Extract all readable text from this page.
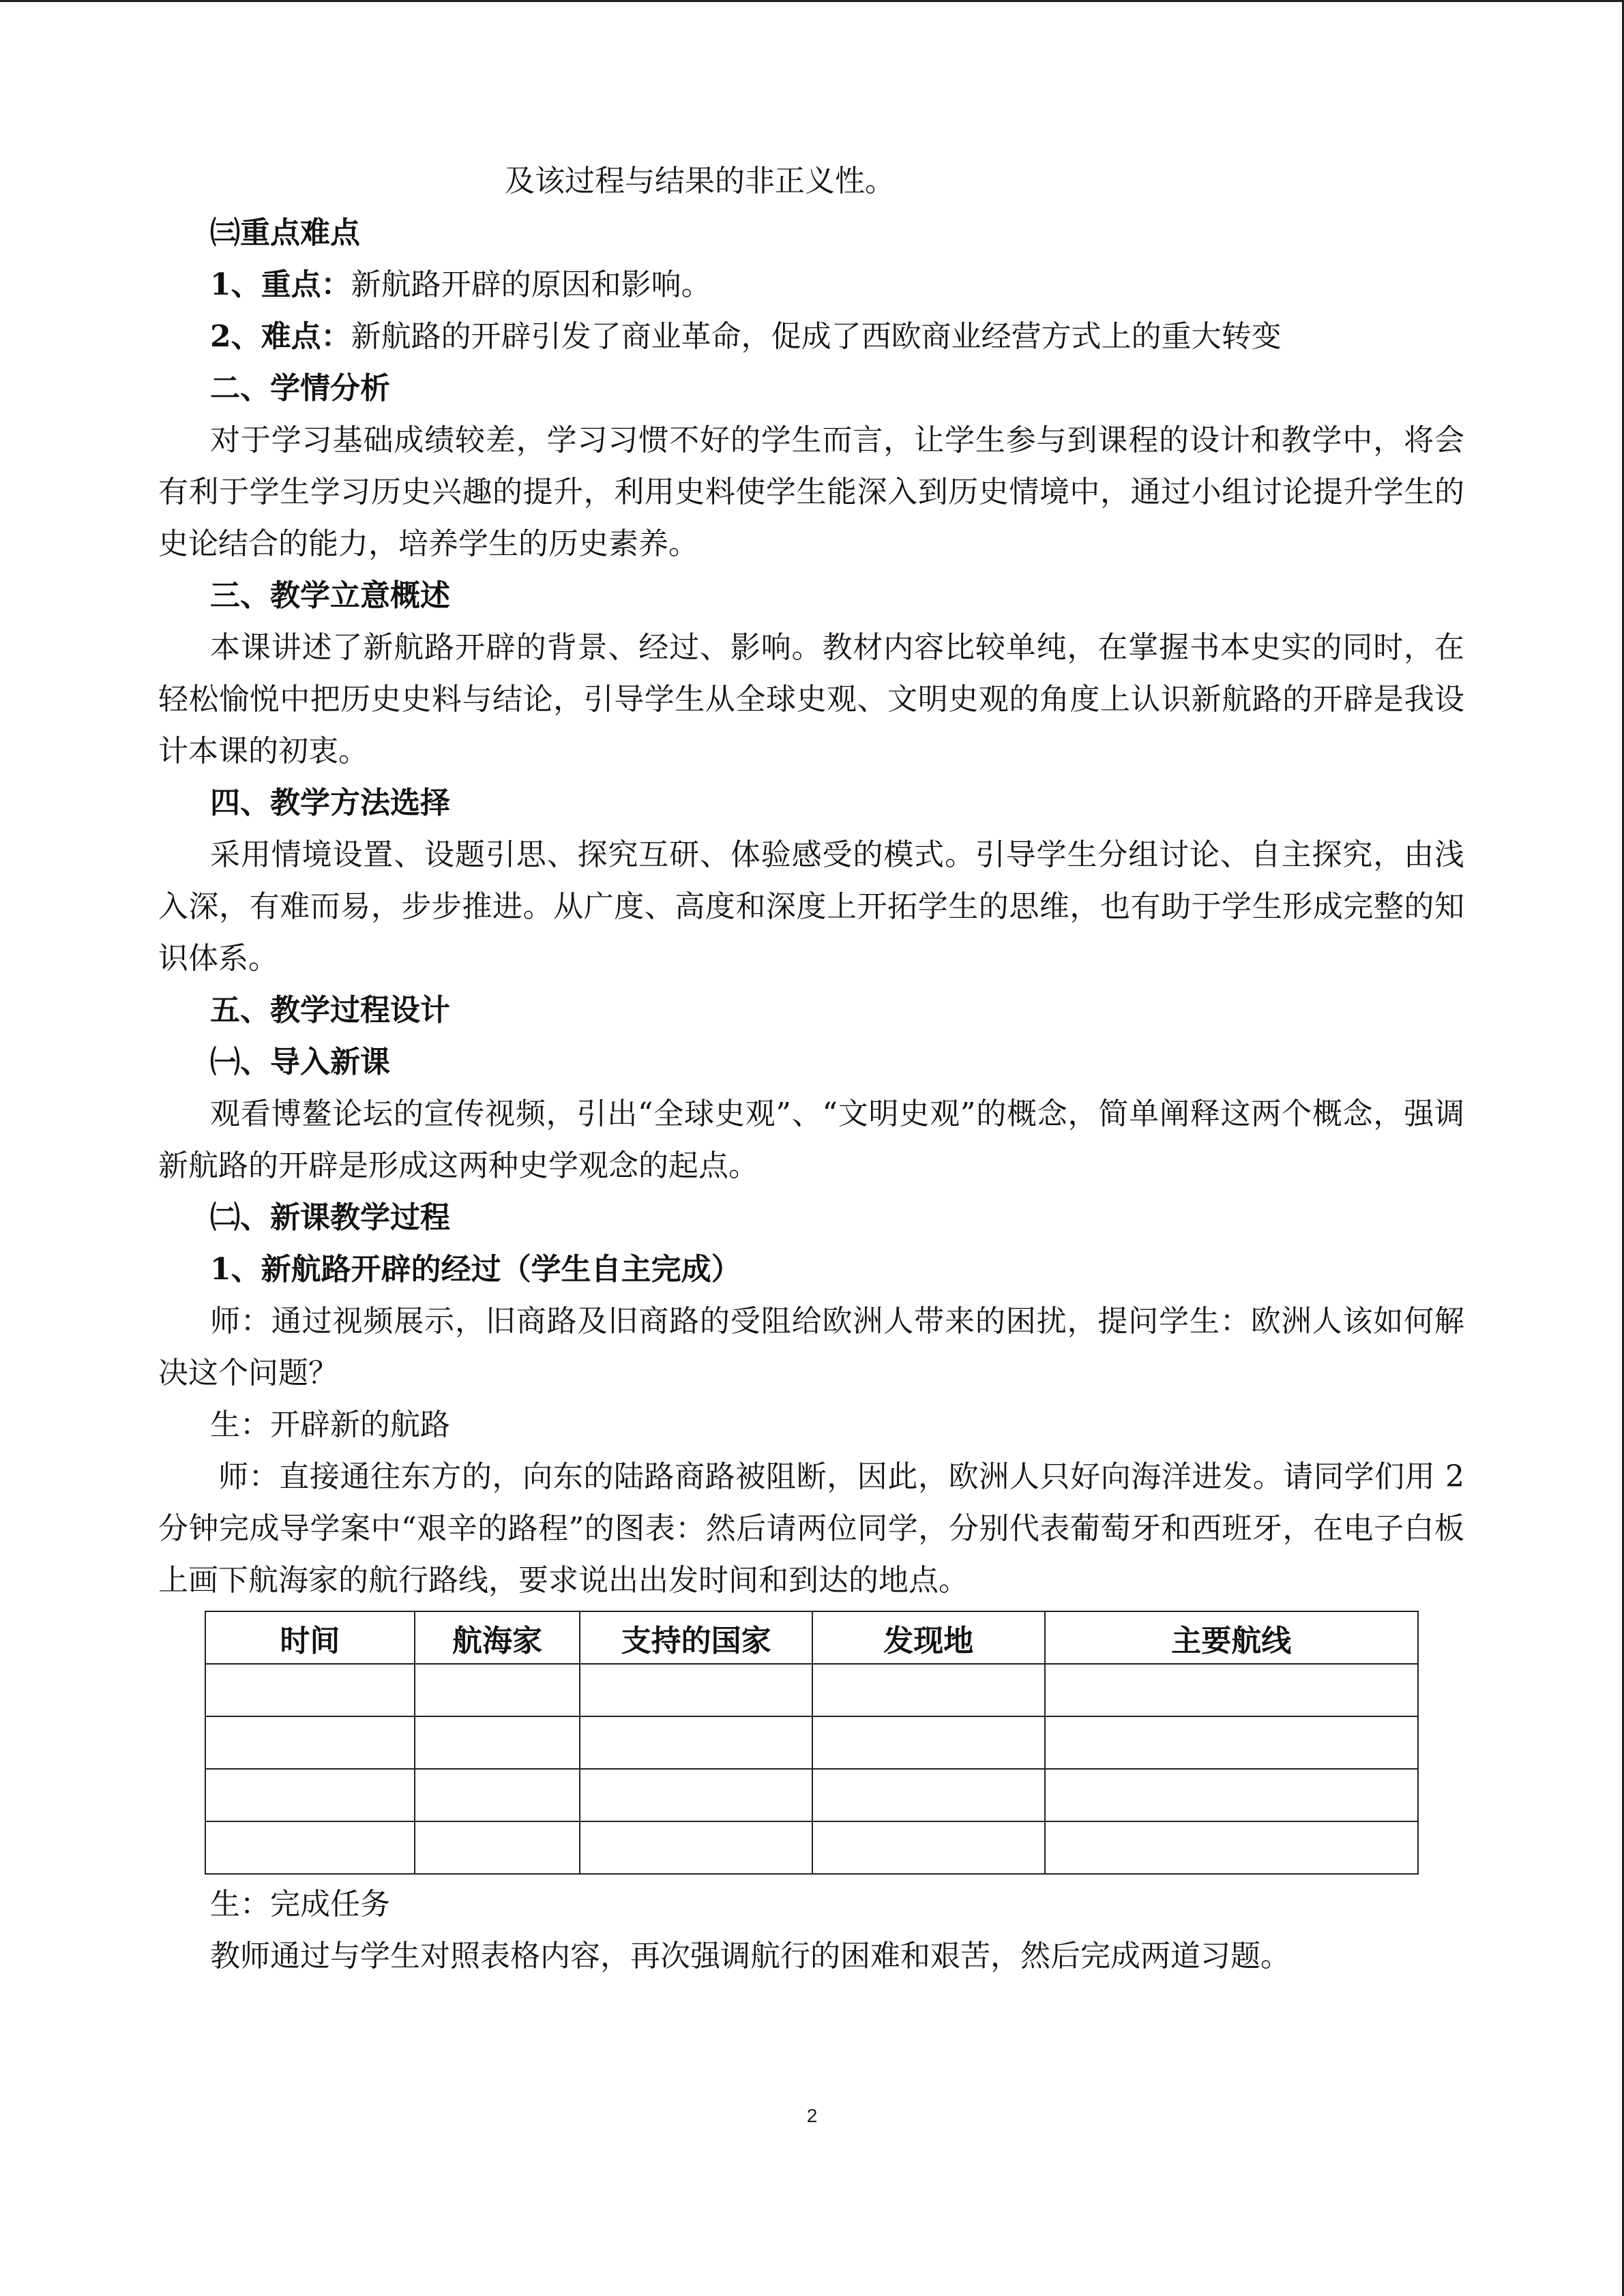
及该过程与结果的非正义性。
㈢重点难点
1、重点：新航路开辟的原因和影响。
2、难点：新航路的开辟引发了商业革命，促成了西欧商业经营方式上的重大转变
二、学情分析
对于学习基础成绩较差，学习习惯不好的学生而言，让学生参与到课程的设计和教学中，将会有利于学生学习历史兴趣的提升，利用史料使学生能深入到历史情境中，通过小组讨论提升学生的史论结合的能力，培养学生的历史素养。
三、教学立意概述
本课讲述了新航路开辟的背景、经过、影响。教材内容比较单纯，在掌握书本史实的同时，在轻松愉悦中把历史史料与结论，引导学生从全球史观、文明史观的角度上认识新航路的开辟是我设计本课的初衷。
四、教学方法选择
采用情境设置、设题引思、探究互研、体验感受的模式。引导学生分组讨论、自主探究，由浅入深，有难而易，步步推进。从广度、高度和深度上开拓学生的思维，也有助于学生形成完整的知识体系。
五、教学过程设计
㈠、导入新课
观看博鳌论坛的宣传视频，引出“全球史观”、“文明史观”的概念，简单阐释这两个概念，强调新航路的开辟是形成这两种史学观念的起点。
㈡、新课教学过程
1、新航路开辟的经过（学生自主完成）
师：通过视频展示，旧商路及旧商路的受阻给欧洲人带来的困扰，提问学生：欧洲人该如何解决这个问题？
生：开辟新的航路
师：直接通往东方的，向东的陆路商路被阻断，因此，欧洲人只好向海洋进发。请同学们用 2 分钟完成导学案中“艰辛的路程”的图表：然后请两位同学，分别代表葡萄牙和西班牙，在电子白板上画下航海家的航行路线，要求说出出发时间和到达的地点。
时间	航海家	支持的国家	发现地	主要航线

生：完成任务
教师通过与学生对照表格内容，再次强调航行的困难和艰苦，然后完成两道习题。
2
